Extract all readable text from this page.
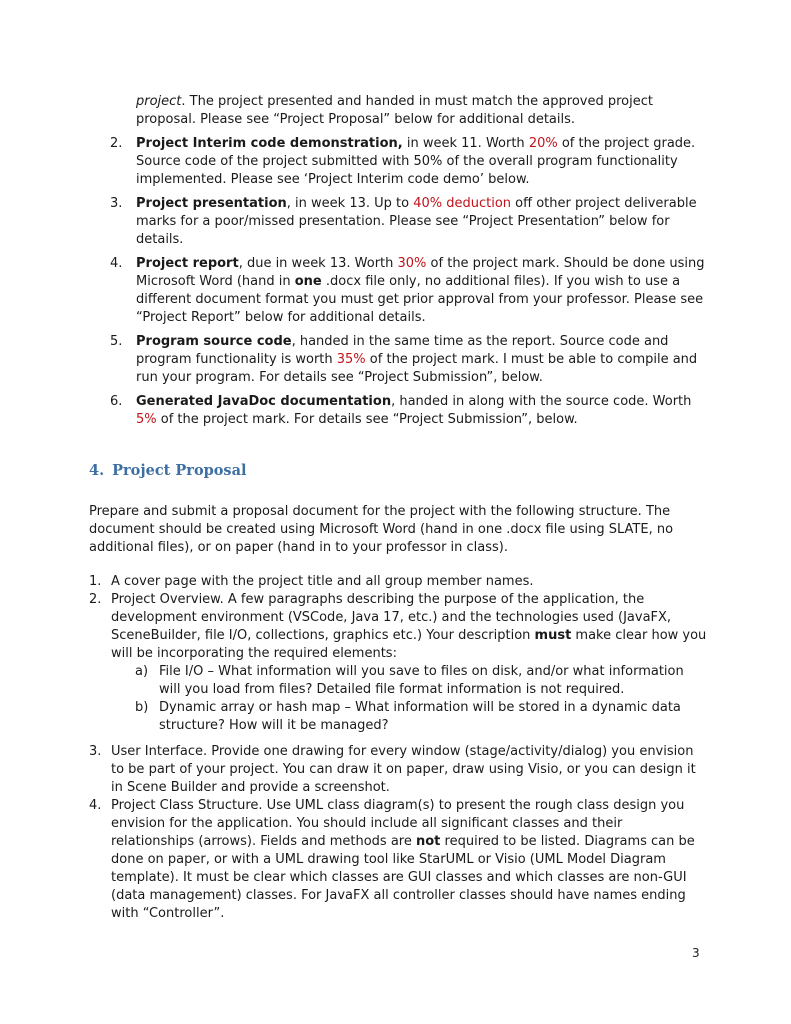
project. The project presented and handed in must match the approved project proposal. Please see “Project Proposal” below for additional details.
2. Project Interim code demonstration, in week 11. Worth 20% of the project grade. Source code of the project submitted with 50% of the overall program functionality implemented. Please see ‘Project Interim code demo’ below.
3. Project presentation, in week 13. Up to 40% deduction off other project deliverable marks for a poor/missed presentation. Please see “Project Presentation” below for details.
4. Project report, due in week 13. Worth 30% of the project mark. Should be done using Microsoft Word (hand in one .docx file only, no additional files). If you wish to use a different document format you must get prior approval from your professor. Please see “Project Report” below for additional details.
5. Program source code, handed in the same time as the report. Source code and program functionality is worth 35% of the project mark. I must be able to compile and run your program. For details see “Project Submission”, below.
6. Generated JavaDoc documentation, handed in along with the source code. Worth 5% of the project mark. For details see “Project Submission”, below.
4. Project Proposal
Prepare and submit a proposal document for the project with the following structure. The document should be created using Microsoft Word (hand in one .docx file using SLATE, no additional files), or on paper (hand in to your professor in class).
1. A cover page with the project title and all group member names.
2. Project Overview. A few paragraphs describing the purpose of the application, the development environment (VSCode, Java 17, etc.) and the technologies used (JavaFX, SceneBuilder, file I/O, collections, graphics etc.) Your description must make clear how you will be incorporating the required elements:
a) File I/O – What information will you save to files on disk, and/or what information will you load from files? Detailed file format information is not required.
b) Dynamic array or hash map – What information will be stored in a dynamic data structure? How will it be managed?
3. User Interface. Provide one drawing for every window (stage/activity/dialog) you envision to be part of your project. You can draw it on paper, draw using Visio, or you can design it in Scene Builder and provide a screenshot.
4. Project Class Structure. Use UML class diagram(s) to present the rough class design you envision for the application. You should include all significant classes and their relationships (arrows). Fields and methods are not required to be listed. Diagrams can be done on paper, or with a UML drawing tool like StarUML or Visio (UML Model Diagram template). It must be clear which classes are GUI classes and which classes are non-GUI (data management) classes. For JavaFX all controller classes should have names ending with “Controller”.
3
